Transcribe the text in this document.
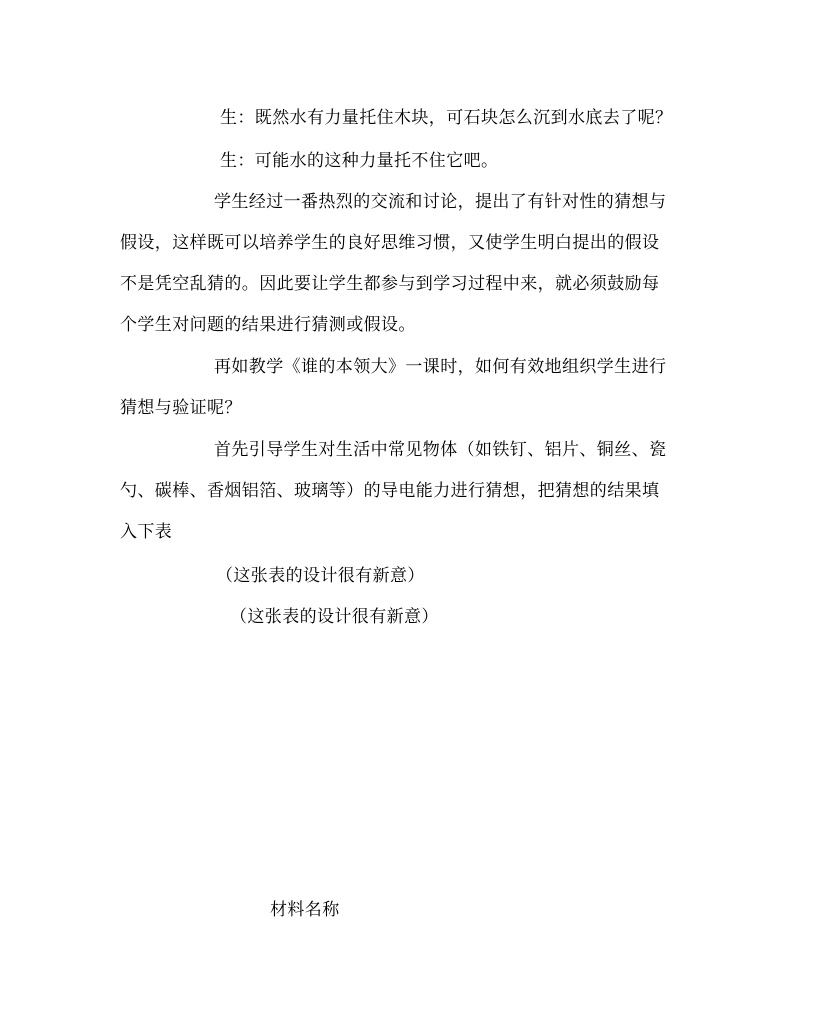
生：既然水有力量托住木块，可石块怎么沉到水底去了呢？
生：可能水的这种力量托不住它吧。
学生经过一番热烈的交流和讨论，提出了有针对性的猜想与
假设，这样既可以培养学生的良好思维习惯，又使学生明白提出的假设
不是凭空乱猜的。因此要让学生都参与到学习过程中来，就必须鼓励每
个学生对问题的结果进行猜测或假设。
再如教学《谁的本领大》一课时，如何有效地组织学生进行
猜想与验证呢？
首先引导学生对生活中常见物体（如铁钉、铝片、铜丝、瓷
勺、碳棒、香烟铝箔、玻璃等）的导电能力进行猜想，把猜想的结果填
入下表
（这张表的设计很有新意）
（这张表的设计很有新意）
材料名称
